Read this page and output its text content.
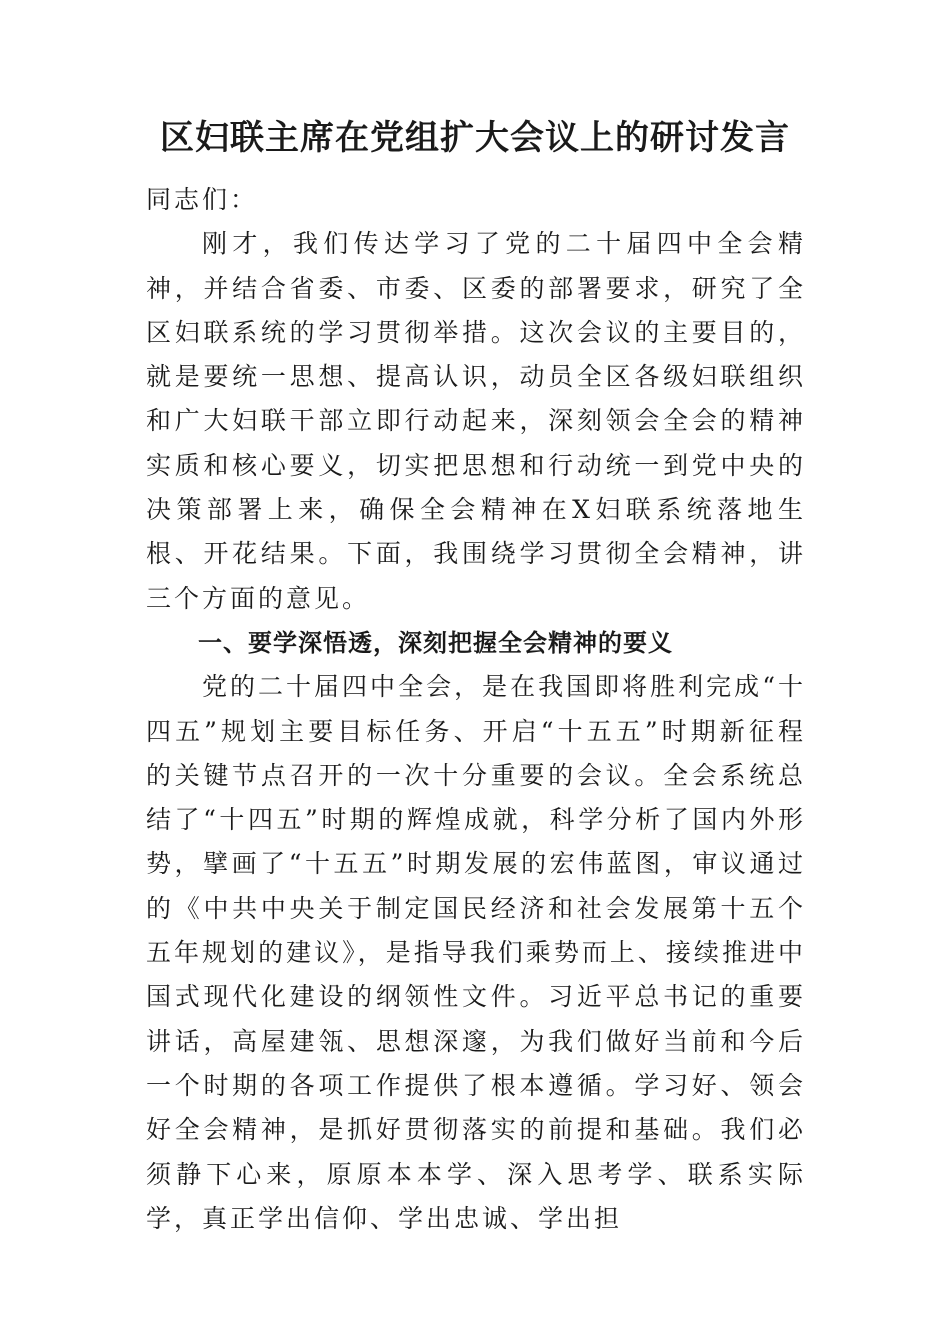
区妇联主席在党组扩大会议上的研讨发言

同志们：

刚才，我们传达学习了党的二十届四中全会精神，并结合省委、市委、区委的部署要求，研究了全区妇联系统的学习贯彻举措。这次会议的主要目的，就是要统一思想、提高认识，动员全区各级妇联组织和广大妇联干部立即行动起来，深刻领会全会的精神实质和核心要义，切实把思想和行动统一到党中央的决策部署上来，确保全会精神在X妇联系统落地生根、开花结果。下面，我围绕学习贯彻全会精神，讲三个方面的意见。

一、要学深悟透，深刻把握全会精神的要义

党的二十届四中全会，是在我国即将胜利完成“十四五”规划主要目标任务、开启“十五五”时期新征程的关键节点召开的一次十分重要的会议。全会系统总结了“十四五”时期的辉煌成就，科学分析了国内外形势，擘画了“十五五”时期发展的宏伟蓝图，审议通过的《中共中央关于制定国民经济和社会发展第十五个五年规划的建议》，是指导我们乘势而上、接续推进中国式现代化建设的纲领性文件。习近平总书记的重要讲话，高屋建瓴、思想深邃，为我们做好当前和今后一个时期的各项工作提供了根本遵循。学习好、领会好全会精神，是抓好贯彻落实的前提和基础。我们必须静下心来，原原本本学、深入思考学、联系实际学，真正学出信仰、学出忠诚、学出担
